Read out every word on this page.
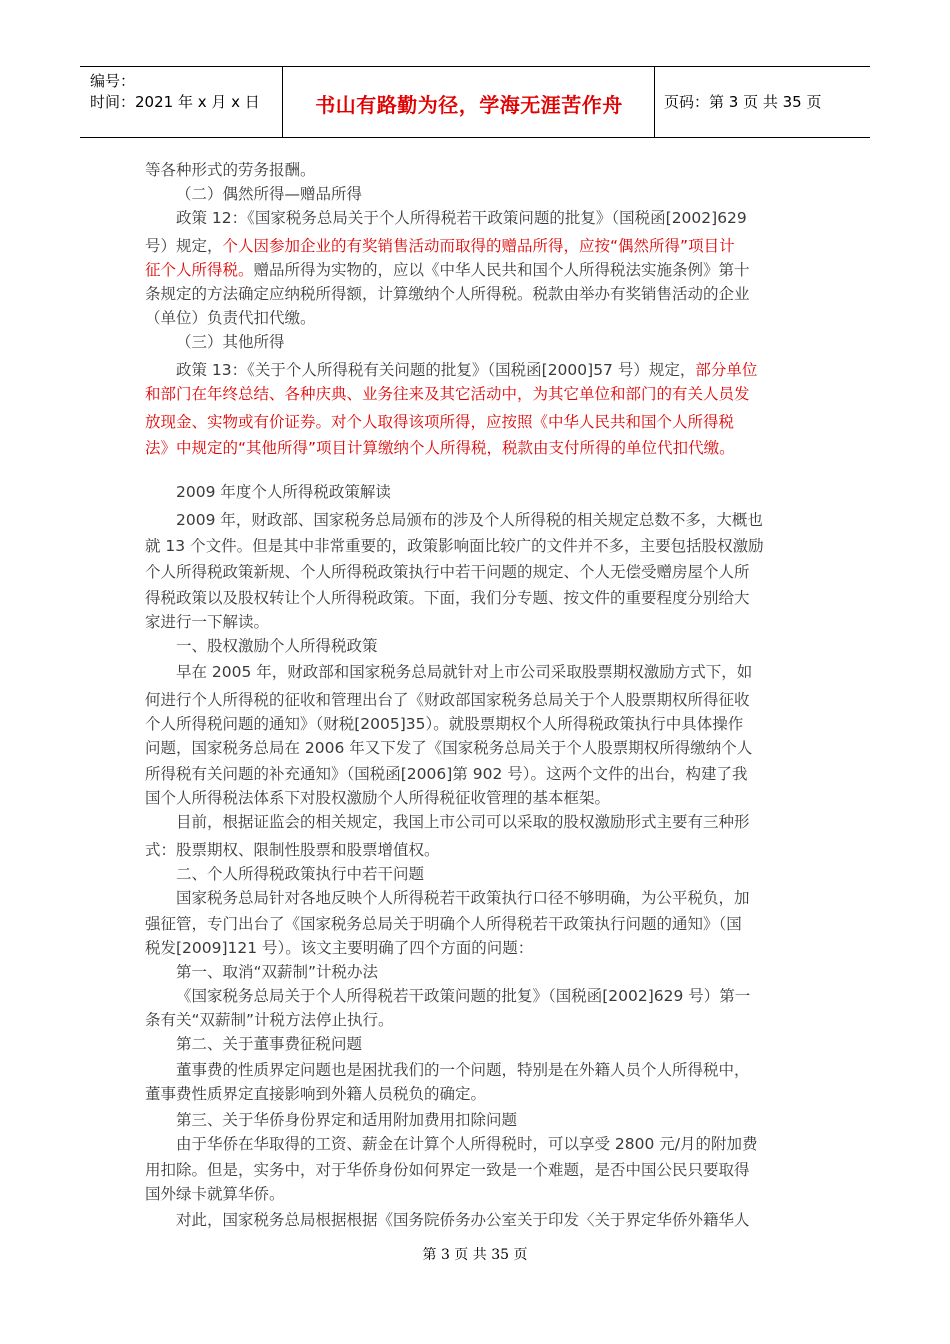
编号：
时间：2021 年 x 月 x 日	书山有路勤为径，学海无涯苦作舟	页码：第 3 页 共 35 页
等各种形式的劳务报酬。
（二）偶然所得—赠品所得
政策 12：《国家税务总局关于个人所得税若干政策问题的批复》（国税函[2002]629
号）规定，个人因参加企业的有奖销售活动而取得的赠品所得，应按“偶然所得”项目计
征个人所得税。赠品所得为实物的，应以《中华人民共和国个人所得税法实施条例》第十
条规定的方法确定应纳税所得额，计算缴纳个人所得税。税款由举办有奖销售活动的企业
（单位）负责代扣代缴。
（三）其他所得
政策 13：《关于个人所得税有关问题的批复》（国税函[2000]57 号）规定，部分单位
和部门在年终总结、各种庆典、业务往来及其它活动中，为其它单位和部门的有关人员发
放现金、实物或有价证券。对个人取得该项所得，应按照《中华人民共和国个人所得税
法》中规定的“其他所得”项目计算缴纳个人所得税，税款由支付所得的单位代扣代缴。
2009 年度个人所得税政策解读
2009 年，财政部、国家税务总局颁布的涉及个人所得税的相关规定总数不多，大概也
就 13 个文件。但是其中非常重要的，政策影响面比较广的文件并不多，主要包括股权激励
个人所得税政策新规、个人所得税政策执行中若干问题的规定、个人无偿受赠房屋个人所
得税政策以及股权转让个人所得税政策。下面，我们分专题、按文件的重要程度分别给大
家进行一下解读。
一、股权激励个人所得税政策
早在 2005 年，财政部和国家税务总局就针对上市公司采取股票期权激励方式下，如
何进行个人所得税的征收和管理出台了《财政部国家税务总局关于个人股票期权所得征收
个人所得税问题的通知》（财税[2005]35）。就股票期权个人所得税政策执行中具体操作
问题，国家税务总局在 2006 年又下发了《国家税务总局关于个人股票期权所得缴纳个人
所得税有关问题的补充通知》（国税函[2006]第 902 号）。这两个文件的出台，构建了我
国个人所得税法体系下对股权激励个人所得税征收管理的基本框架。
目前，根据证监会的相关规定，我国上市公司可以采取的股权激励形式主要有三种形
式：股票期权、限制性股票和股票增值权。
二、个人所得税政策执行中若干问题
国家税务总局针对各地反映个人所得税若干政策执行口径不够明确，为公平税负，加
强征管，专门出台了《国家税务总局关于明确个人所得税若干政策执行问题的通知》（国
税发[2009]121 号）。该文主要明确了四个方面的问题：
第一、取消“双薪制”计税办法
《国家税务总局关于个人所得税若干政策问题的批复》（国税函[2002]629 号）第一
条有关“双薪制”计税方法停止执行。
第二、关于董事费征税问题
董事费的性质界定问题也是困扰我们的一个问题，特别是在外籍人员个人所得税中，
董事费性质界定直接影响到外籍人员税负的确定。
第三、关于华侨身份界定和适用附加费用扣除问题
由于华侨在华取得的工资、薪金在计算个人所得税时，可以享受 2800 元/月的附加费
用扣除。但是，实务中，对于华侨身份如何界定一致是一个难题，是否中国公民只要取得
国外绿卡就算华侨。
对此，国家税务总局根据根据《国务院侨务办公室关于印发〈关于界定华侨外籍华人
第 3 页 共 35 页
